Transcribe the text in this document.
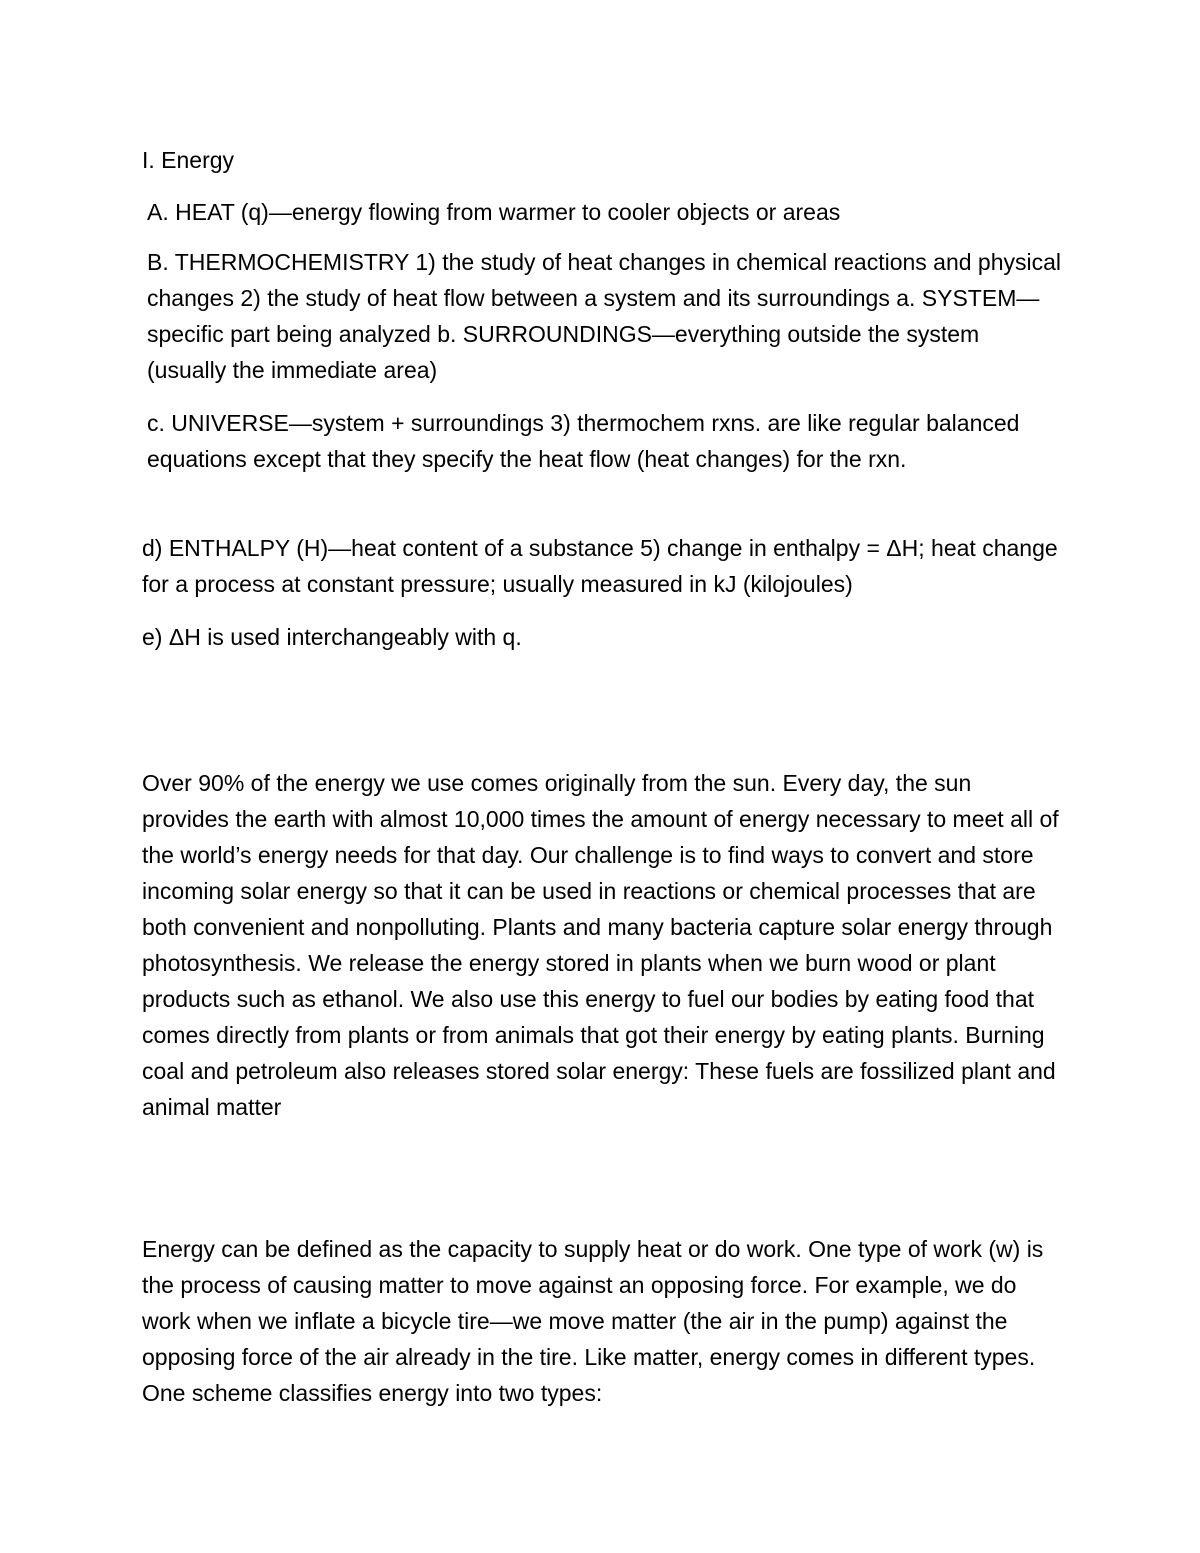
I. Energy

A. HEAT (q)—energy flowing from warmer to cooler objects or areas

B. THERMOCHEMISTRY 1) the study of heat changes in chemical reactions and physical changes 2) the study of heat flow between a system and its surroundings a. SYSTEM—specific part being analyzed b. SURROUNDINGS—everything outside the system (usually the immediate area)

c. UNIVERSE—system + surroundings 3) thermochem rxns. are like regular balanced equations except that they specify the heat flow (heat changes) for the rxn.

d) ENTHALPY (H)—heat content of a substance 5) change in enthalpy = ΔH; heat change for a process at constant pressure; usually measured in kJ (kilojoules)

e) ΔH is used interchangeably with q.

Over 90% of the energy we use comes originally from the sun. Every day, the sun provides the earth with almost 10,000 times the amount of energy necessary to meet all of the world’s energy needs for that day. Our challenge is to find ways to convert and store incoming solar energy so that it can be used in reactions or chemical processes that are both convenient and nonpolluting. Plants and many bacteria capture solar energy through photosynthesis. We release the energy stored in plants when we burn wood or plant products such as ethanol. We also use this energy to fuel our bodies by eating food that comes directly from plants or from animals that got their energy by eating plants. Burning coal and petroleum also releases stored solar energy: These fuels are fossilized plant and animal matter

Energy can be defined as the capacity to supply heat or do work. One type of work (w) is the process of causing matter to move against an opposing force. For example, we do work when we inflate a bicycle tire—we move matter (the air in the pump) against the opposing force of the air already in the tire. Like matter, energy comes in different types. One scheme classifies energy into two types:
